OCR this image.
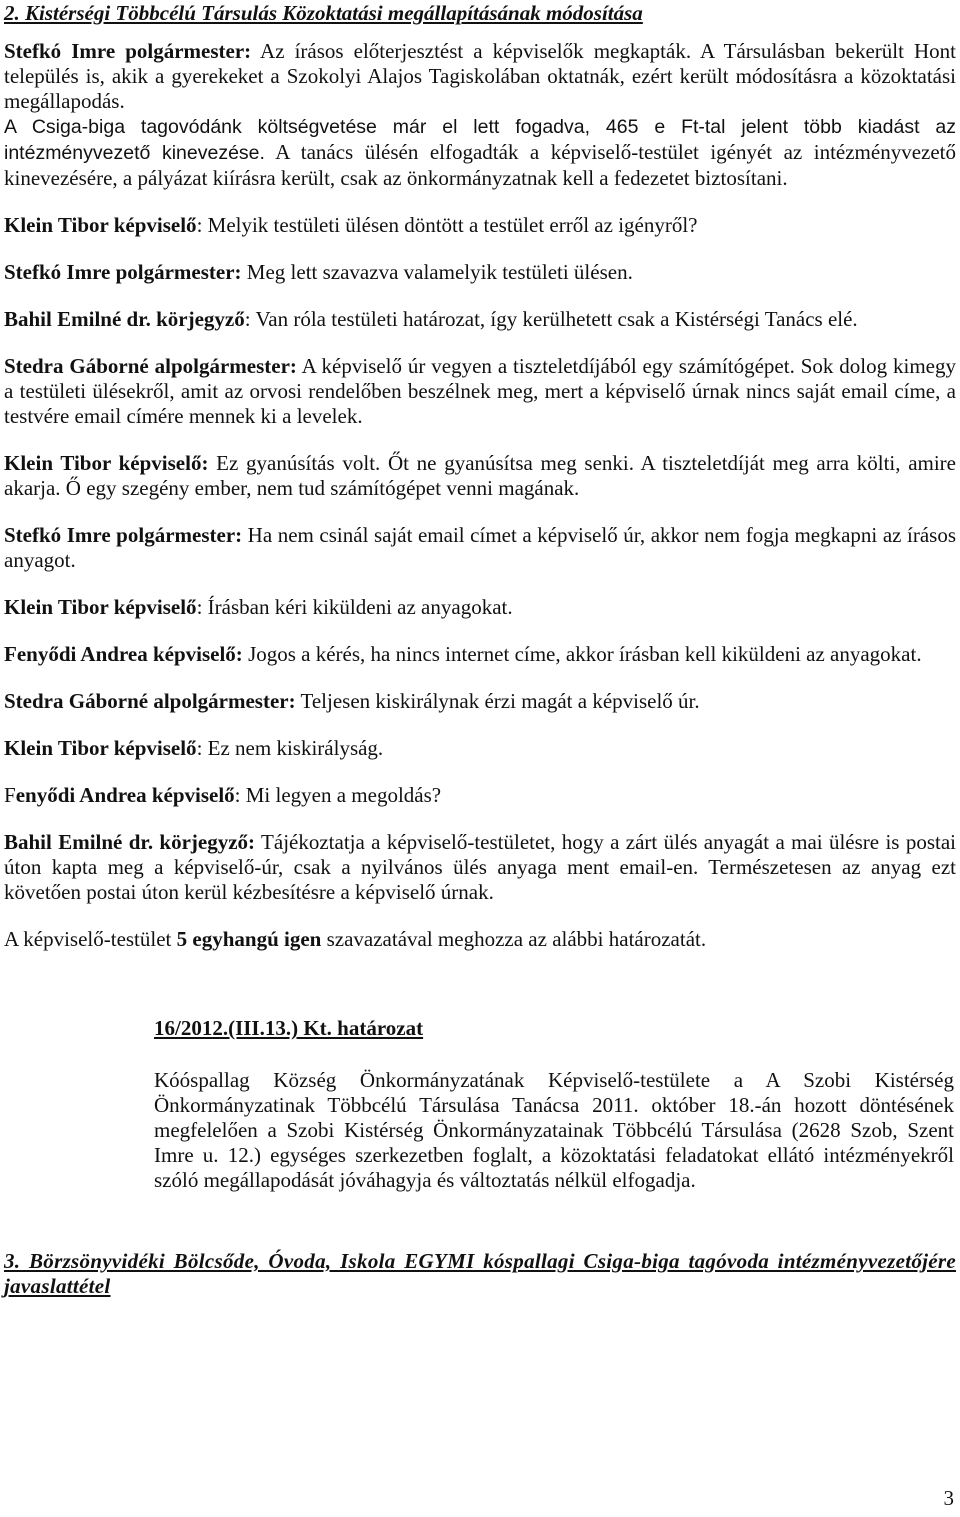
2. Kistérségi Többcélú Társulás Közoktatási megállapításának módosítása

Stefkó Imre polgármester: Az írásos előterjesztést a képviselők megkapták. A Társulásban bekerült Hont település is, akik a gyerekeket a Szokolyi Alajos Tagiskolában oktatnák, ezért került módosításra a közoktatási megállapodás.
A Csiga-biga tagovódánk költségvetése már el lett fogadva, 465 e Ft-tal jelent több kiadást az intézményvezető kinevezése. A tanács ülésén elfogadták a képviselő-testület igényét az intézményvezető kinevezésére, a pályázat kiírásra került, csak az önkormányzatnak kell a fedezetet biztosítani.

Klein Tibor képviselő: Melyik testületi ülésen döntött a testület erről az igényről?

Stefkó Imre polgármester: Meg lett szavazva valamelyik testületi ülésen.

Bahil Emilné dr. körjegyző: Van róla testületi határozat, így kerülhetett csak a Kistérségi Tanács elé.

Stedra Gáborné alpolgármester: A képviselő úr vegyen a tiszteletdíjából egy számítógépet. Sok dolog kimegy a testületi ülésekről, amit az orvosi rendelőben beszélnek meg, mert a képviselő úrnak nincs saját email címe, a testvére email címére mennek ki a levelek.

Klein Tibor képviselő: Ez gyanúsítás volt. Őt ne gyanúsítsa meg senki. A tiszteletdíját meg arra költi, amire akarja. Ő egy szegény ember, nem tud számítógépet venni magának.

Stefkó Imre polgármester: Ha nem csinál saját email címet a képviselő úr, akkor nem fogja megkapni az írásos anyagot.

Klein Tibor képviselő: Írásban kéri kiküldeni az anyagokat.

Fenyődi Andrea képviselő: Jogos a kérés, ha nincs internet címe, akkor írásban kell kiküldeni az anyagokat.

Stedra Gáborné alpolgármester: Teljesen kiskirálynak érzi magát a képviselő úr.

Klein Tibor képviselő: Ez nem kiskirályság.

Fenyődi Andrea képviselő: Mi legyen a megoldás?

Bahil Emilné dr. körjegyző: Tájékoztatja a képviselő-testületet, hogy a zárt ülés anyagát a mai ülésre is postai úton kapta meg a képviselő-úr, csak a nyilvános ülés anyaga ment email-en. Természetesen az anyag ezt követően postai úton kerül kézbesítésre a képviselő úrnak.

A képviselő-testület 5 egyhangú igen szavazatával meghozza az alábbi határozatát.

16/2012.(III.13.) Kt. határozat

Kóóspallag Község Önkormányzatának Képviselő-testülete a A Szobi Kistérség Önkormányzatinak Többcélú Társulása Tanácsa 2011. október 18.-án hozott döntésének megfelelően a Szobi Kistérség Önkormányzatainak Többcélú Társulása (2628 Szob, Szent Imre u. 12.) egységes szerkezetben foglalt, a közoktatási feladatokat ellátó intézményekről szóló megállapodását jóváhagyja és változtatás nélkül elfogadja.

3. Börzsönyvidéki Bölcsőde, Óvoda, Iskola EGYMI kóspallagi Csiga-biga tagóvoda intézményvezetőjére javaslattétel

3
